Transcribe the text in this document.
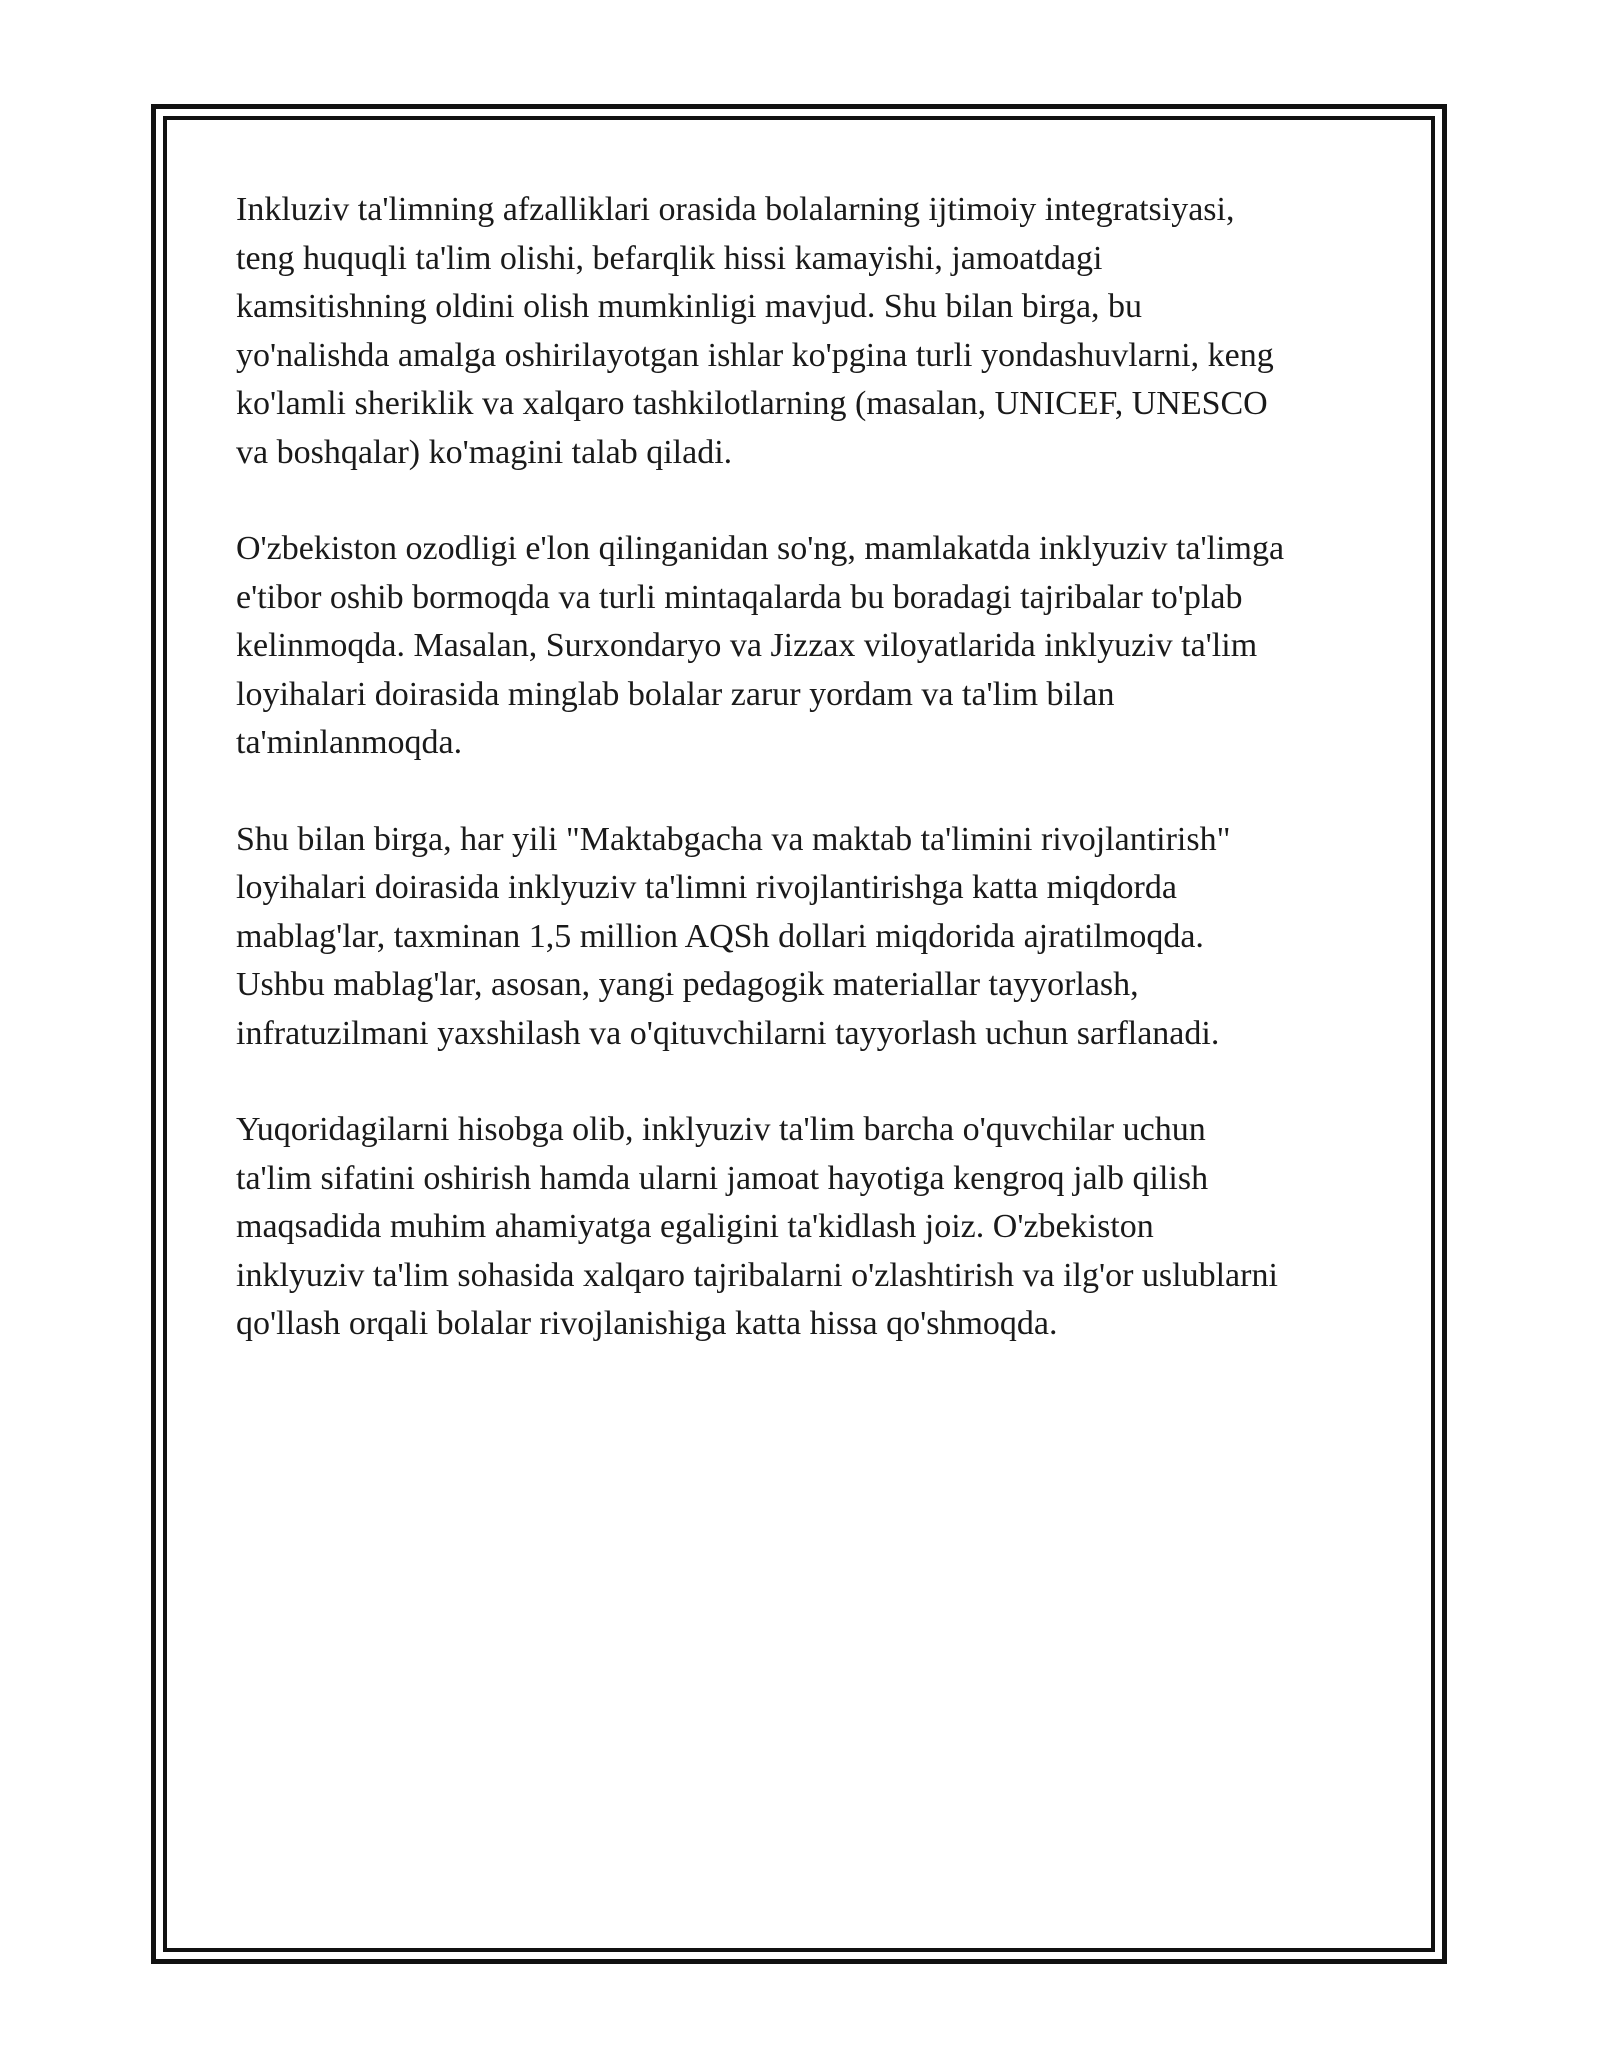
Inkluziv ta'limning afzalliklari orasida bolalarning ijtimoiy integratsiyasi,
teng huquqli ta'lim olishi, befarqlik hissi kamayishi, jamoatdagi
kamsitishning oldini olish mumkinligi mavjud. Shu bilan birga, bu
yo'nalishda amalga oshirilayotgan ishlar ko'pgina turli yondashuvlarni, keng
ko'lamli sheriklik va xalqaro tashkilotlarning (masalan, UNICEF, UNESCO
va boshqalar) ko'magini talab qiladi.

O'zbekiston ozodligi e'lon qilinganidan so'ng, mamlakatda inklyuziv ta'limga
e'tibor oshib bormoqda va turli mintaqalarda bu boradagi tajribalar to'plab
kelinmoqda. Masalan, Surxondaryo va Jizzax viloyatlarida inklyuziv ta'lim
loyihalari doirasida minglab bolalar zarur yordam va ta'lim bilan
ta'minlanmoqda.

Shu bilan birga, har yili "Maktabgacha va maktab ta'limini rivojlantirish"
loyihalari doirasida inklyuziv ta'limni rivojlantirishga katta miqdorda
mablag'lar, taxminan 1,5 million AQSh dollari miqdorida ajratilmoqda.
Ushbu mablag'lar, asosan, yangi pedagogik materiallar tayyorlash,
infratuzilmani yaxshilash va o'qituvchilarni tayyorlash uchun sarflanadi.

Yuqoridagilarni hisobga olib, inklyuziv ta'lim barcha o'quvchilar uchun
ta'lim sifatini oshirish hamda ularni jamoat hayotiga kengroq jalb qilish
maqsadida muhim ahamiyatga egaligini ta'kidlash joiz. O'zbekiston
inklyuziv ta'lim sohasida xalqaro tajribalarni o'zlashtirish va ilg'or uslublarni
qo'llash orqali bolalar rivojlanishiga katta hissa qo'shmoqda.
